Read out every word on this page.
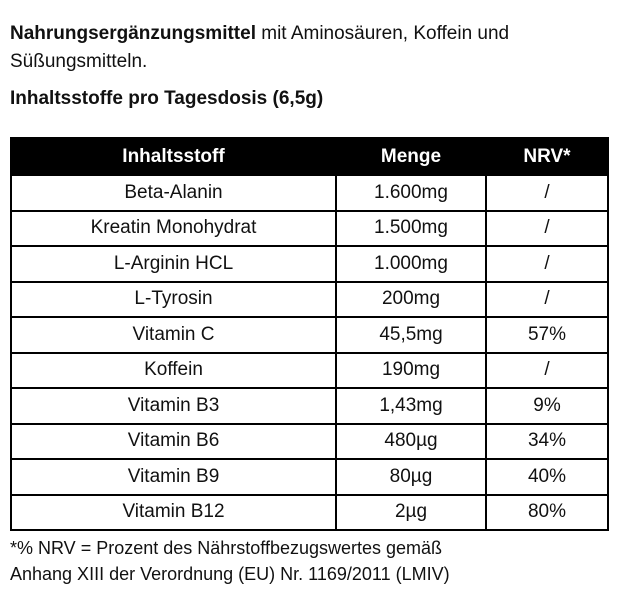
Nahrungsergänzungsmittel mit Aminosäuren, Koffein und Süßungsmitteln.
Inhaltsstoffe pro Tagesdosis (6,5g)
Inhaltsstoff	Menge	NRV*
Beta-Alanin	1.600mg	/
Kreatin Monohydrat	1.500mg	/
L-Arginin HCL	1.000mg	/
L-Tyrosin	200mg	/
Vitamin C	45,5mg	57%
Koffein	190mg	/
Vitamin B3	1,43mg	9%
Vitamin B6	480µg	34%
Vitamin B9	80µg	40%
Vitamin B12	2µg	80%
*% NRV = Prozent des Nährstoffbezugswertes gemäß
Anhang XIII der Verordnung (EU) Nr. 1169/2011 (LMIV)
